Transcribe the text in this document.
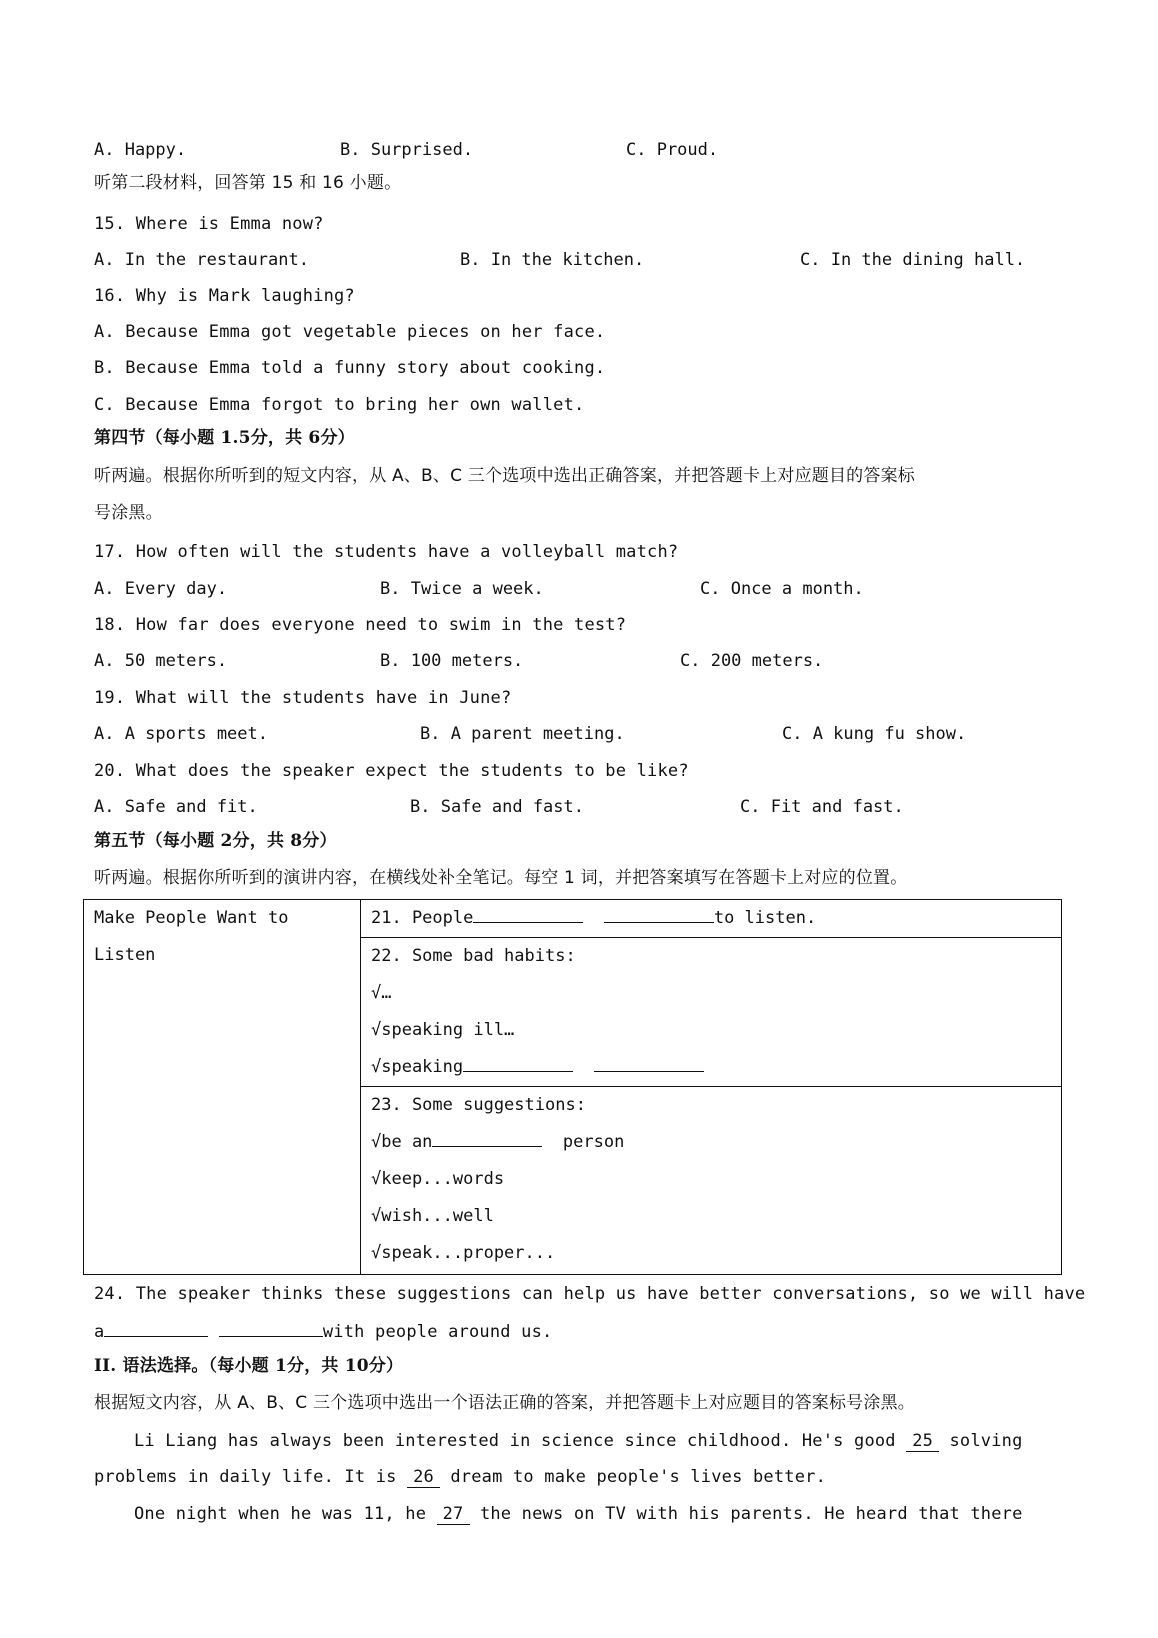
A. Happy.	B. Surprised.	C. Proud.
听第二段材料，回答第 15 和 16 小题。
15. Where is Emma now?
A. In the restaurant.	B. In the kitchen.	C. In the dining hall.
16. Why is Mark laughing?
A. Because Emma got vegetable pieces on her face.
B. Because Emma told a funny story about cooking.
C. Because Emma forgot to bring her own wallet.
第四节（每小题 1.5分，共 6分）
听两遍。根据你所听到的短文内容，从 A、B、C 三个选项中选出正确答案，并把答题卡上对应题目的答案标
号涂黑。
17. How often will the students have a volleyball match?
A. Every day.	B. Twice a week.	C. Once a month.
18. How far does everyone need to swim in the test?
A. 50 meters.	B. 100 meters.	C. 200 meters.
19. What will the students have in June?
A. A sports meet.	B. A parent meeting.	C. A kung fu show.
20. What does the speaker expect the students to be like?
A. Safe and fit.	B. Safe and fast.	C. Fit and fast.
第五节（每小题 2分，共 8分）
听两遍。根据你所听到的演讲内容，在横线处补全笔记。每空 1 词，并把答案填写在答题卡上对应的位置。
Make People Want to
Listen

21. People	to listen.

22. Some bad habits:
√…
√speaking ill…
√speaking

23. Some suggestions:
√be an	person
√keep...words
√wish...well
√speak...proper...
24. The speaker thinks these suggestions can help us have better conversations, so we will have
a	with people around us.
II. 语法选择。（每小题 1分，共 10分）
根据短文内容，从 A、B、C 三个选项中选出一个语法正确的答案，并把答题卡上对应题目的答案标号涂黑。
Li Liang has always been interested in science since childhood. He's good 25 solving
problems in daily life. It is 26 dream to make people's lives better.
One night when he was 11, he 27 the news on TV with his parents. He heard that there
